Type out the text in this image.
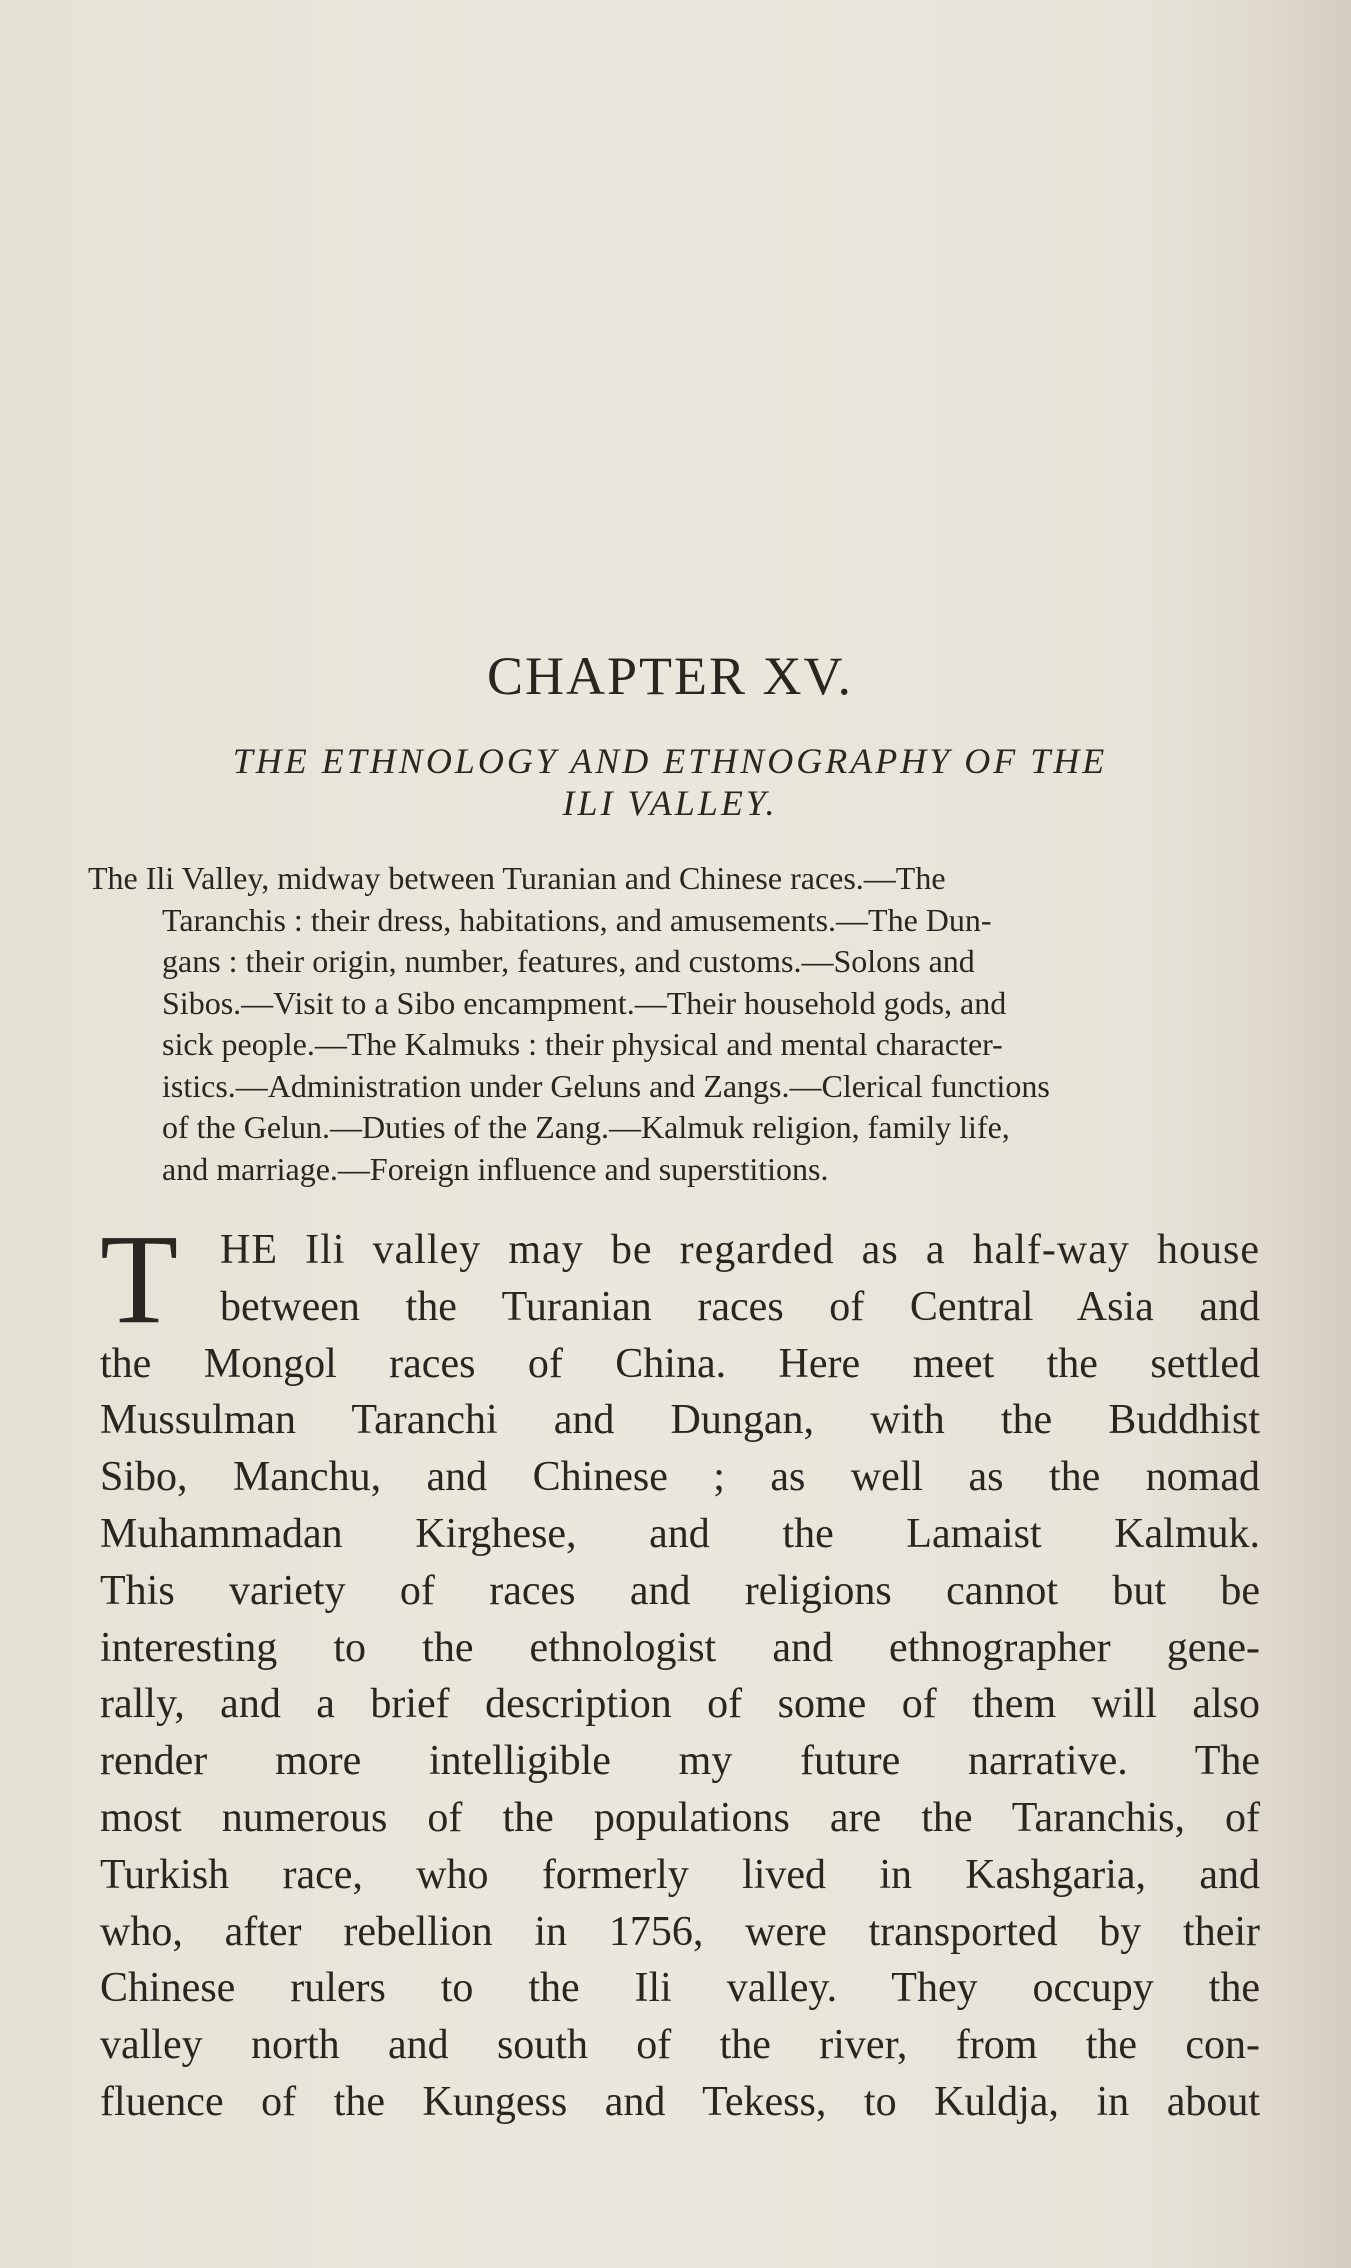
CHAPTER XV.
THE ETHNOLOGY AND ETHNOGRAPHY OF THE
ILI VALLEY.
The Ili Valley, midway between Turanian and Chinese races.—The
Taranchis : their dress, habitations, and amusements.—The Dun-
gans : their origin, number, features, and customs.—Solons and
Sibos.—Visit to a Sibo encampment.—Their household gods, and
sick people.—The Kalmuks : their physical and mental character-
istics.—Administration under Geluns and Zangs.—Clerical functions
of the Gelun.—Duties of the Zang.—Kalmuk religion, family life,
and marriage.—Foreign influence and superstitions.
T HE Ili valley may be regarded as a half-way house
between the Turanian races of Central Asia and
the Mongol races of China. Here meet the settled
Mussulman Taranchi and Dungan, with the Buddhist
Sibo, Manchu, and Chinese ; as well as the nomad
Muhammadan Kirghese, and the Lamaist Kalmuk.
This variety of races and religions cannot but be
interesting to the ethnologist and ethnographer gene-
rally, and a brief description of some of them will also
render more intelligible my future narrative. The
most numerous of the populations are the Taranchis, of
Turkish race, who formerly lived in Kashgaria, and
who, after rebellion in 1756, were transported by their
Chinese rulers to the Ili valley. They occupy the
valley north and south of the river, from the con-
fluence of the Kungess and Tekess, to Kuldja, in about
